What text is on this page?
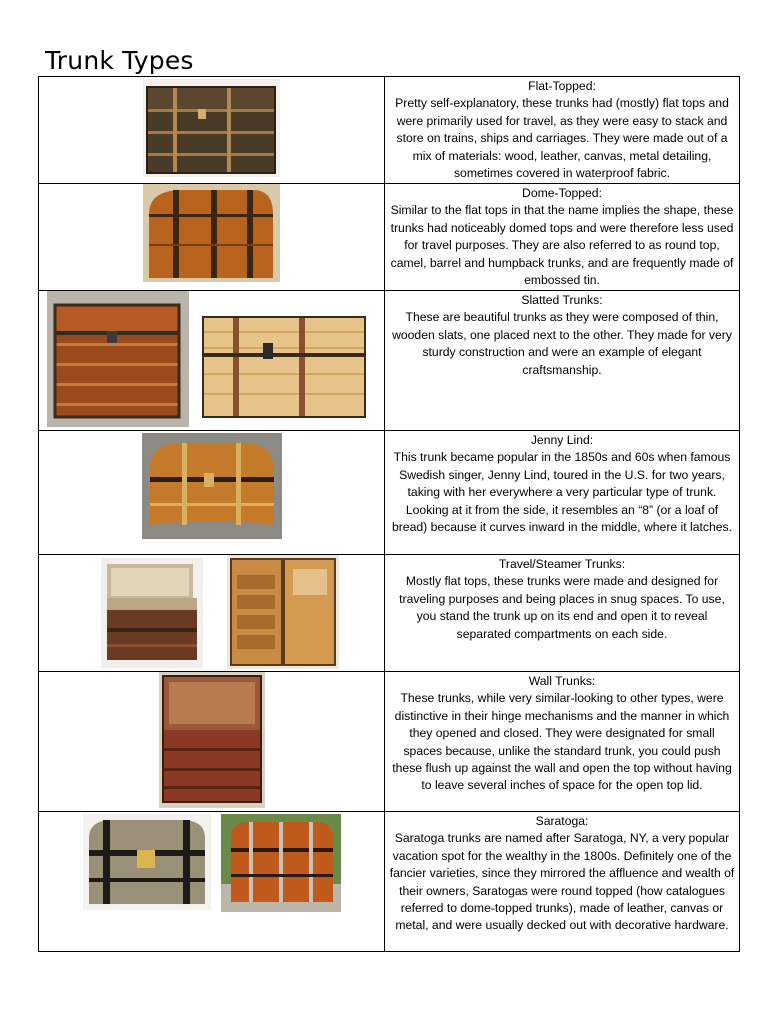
Trunk Types

Flat-Topped:
Pretty self-explanatory, these trunks had (mostly) flat tops and were primarily used for travel, as they were easy to stack and store on trains, ships and carriages. They were made out of a mix of materials: wood, leather, canvas, metal detailing, sometimes covered in waterproof fabric.

Dome-Topped:
Similar to the flat tops in that the name implies the shape, these trunks had noticeably domed tops and were therefore less used for travel purposes. They are also referred to as round top, camel, barrel and humpback trunks, and are frequently made of embossed tin.

Slatted Trunks:
These are beautiful trunks as they were composed of thin, wooden slats, one placed next to the other. They made for very sturdy construction and were an example of elegant craftsmanship.

Jenny Lind:
This trunk became popular in the 1850s and 60s when famous Swedish singer, Jenny Lind, toured in the U.S. for two years, taking with her everywhere a very particular type of trunk. Looking at it from the side, it resembles an “8” (or a loaf of bread) because it curves inward in the middle, where it latches.

Travel/Steamer Trunks:
Mostly flat tops, these trunks were made and designed for traveling purposes and being places in snug spaces. To use, you stand the trunk up on its end and open it to reveal separated compartments on each side.

Wall Trunks:
These trunks, while very similar-looking to other types, were distinctive in their hinge mechanisms and the manner in which they opened and closed. They were designated for small spaces because, unlike the standard trunk, you could push these flush up against the wall and open the top without having to leave several inches of space for the open top lid.

Saratoga:
Saratoga trunks are named after Saratoga, NY, a very popular vacation spot for the wealthy in the 1800s. Definitely one of the fancier varieties, since they mirrored the affluence and wealth of their owners, Saratogas were round topped (how catalogues referred to dome-topped trunks), made of leather, canvas or metal, and were usually decked out with decorative hardware.
